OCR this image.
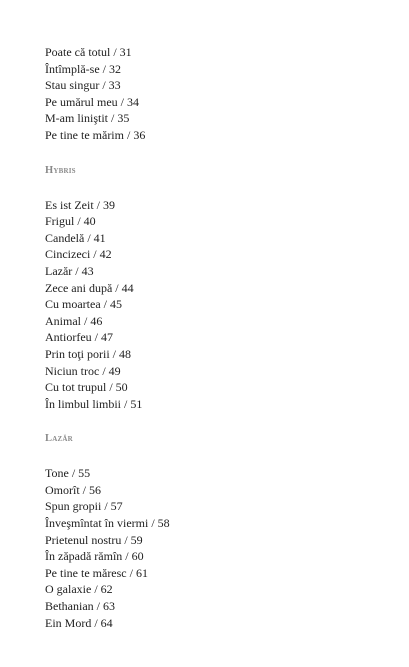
Poate că totul / 31
Întîmplă-se / 32
Stau singur / 33
Pe umărul meu / 34
M-am liniştit / 35
Pe tine te mărim / 36
Hybris
Es ist Zeit / 39
Frigul / 40
Candelă / 41
Cincizeci / 42
Lazăr / 43
Zece ani după / 44
Cu moartea / 45
Animal / 46
Antiorfeu / 47
Prin toţi porii / 48
Niciun troc / 49
Cu tot trupul / 50
În limbul limbii / 51
Lazăr
Tone / 55
Omorît / 56
Spun gropii / 57
Înveşmîntat în viermi / 58
Prietenul nostru / 59
În zăpadă rămîn / 60
Pe tine te măresc / 61
O galaxie / 62
Bethanian / 63
Ein Mord / 64
